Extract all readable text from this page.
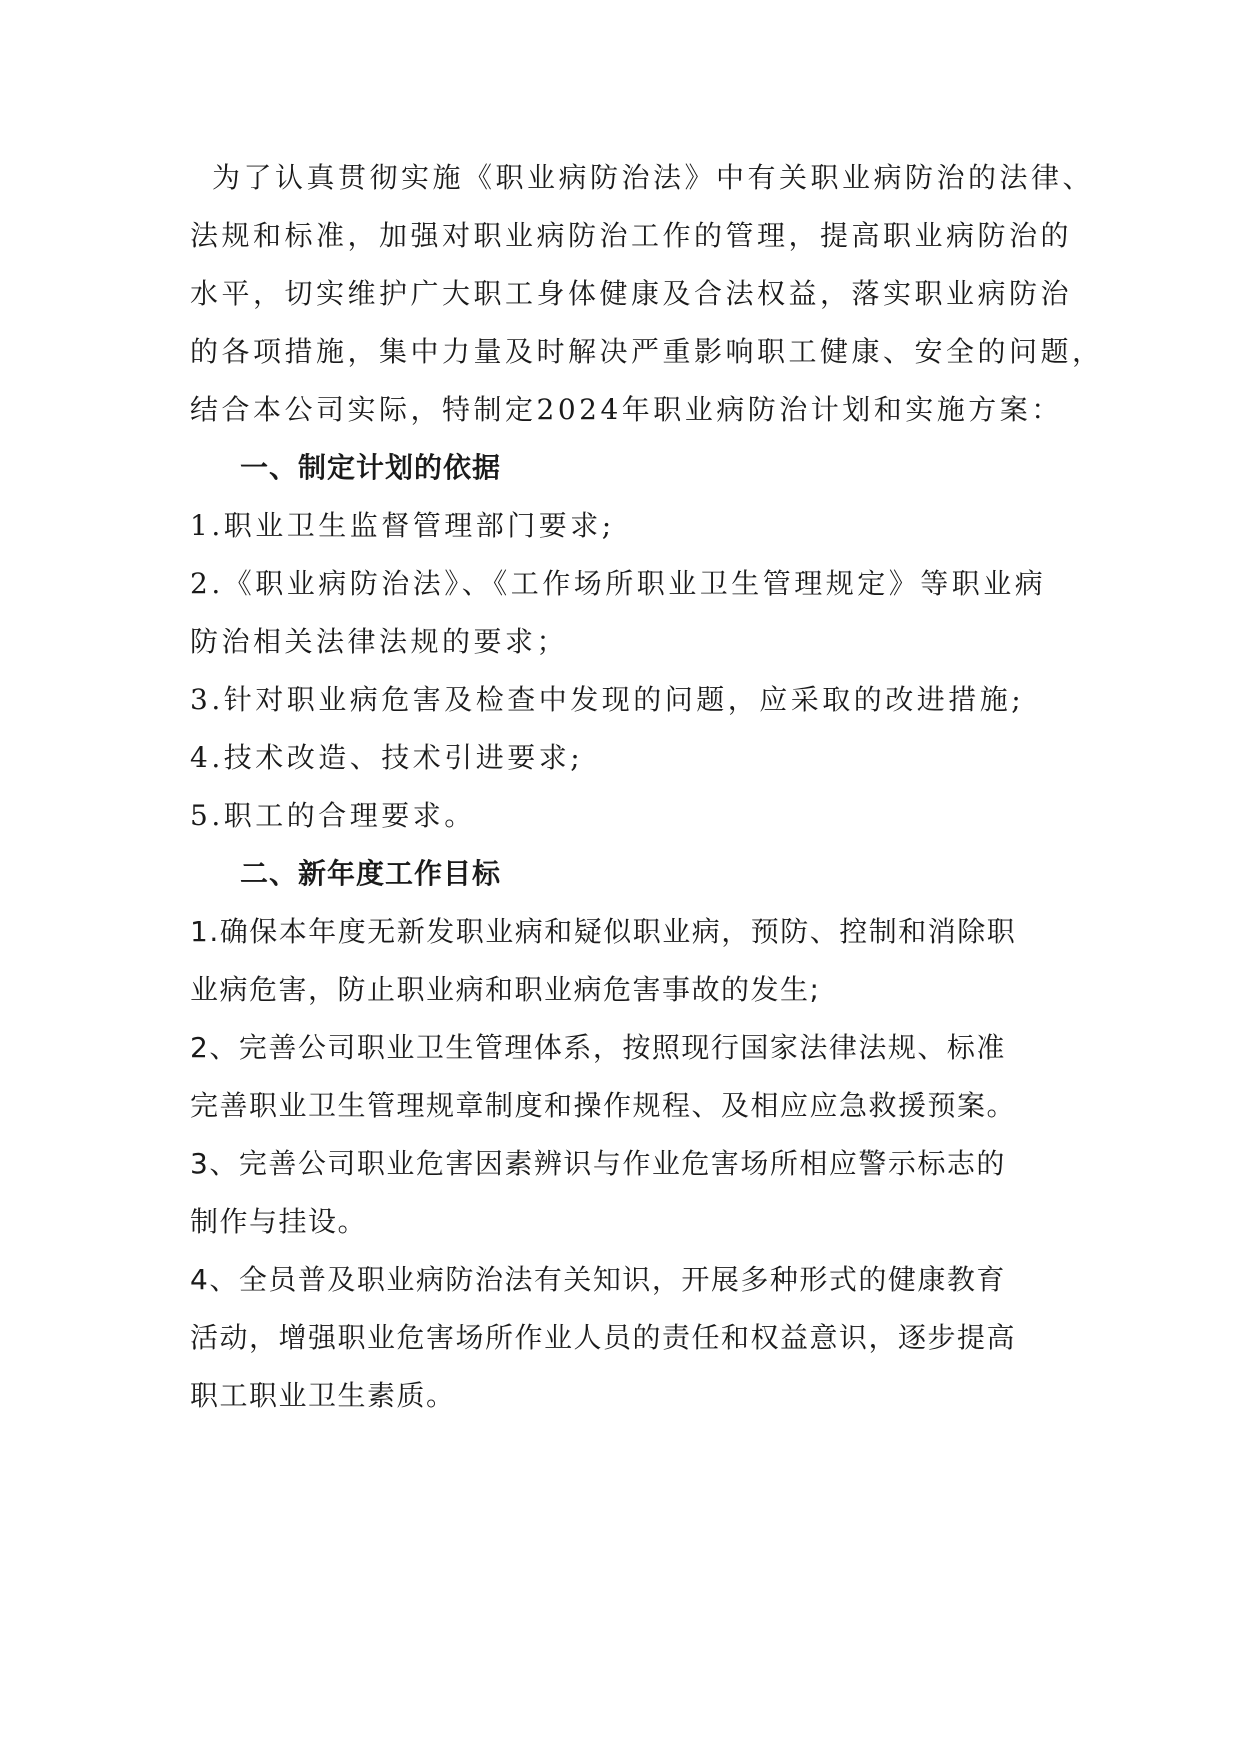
为了认真贯彻实施《职业病防治法》中有关职业病防治的法律、
法规和标准，加强对职业病防治工作的管理，提高职业病防治的
水平，切实维护广大职工身体健康及合法权益，落实职业病防治
的各项措施，集中力量及时解决严重影响职工健康、安全的问题，
结合本公司实际，特制定2024年职业病防治计划和实施方案：
一、制定计划的依据
1.职业卫生监督管理部门要求;
2.《职业病防治法》、《工作场所职业卫生管理规定》等职业病
防治相关法律法规的要求；
3.针对职业病危害及检查中发现的问题，应采取的改进措施;
4.技术改造、技术引进要求;
5.职工的合理要求。
二、新年度工作目标
1.确保本年度无新发职业病和疑似职业病，预防、控制和消除职
业病危害，防止职业病和职业病危害事故的发生;
2、完善公司职业卫生管理体系，按照现行国家法律法规、标准
完善职业卫生管理规章制度和操作规程、及相应应急救援预案。
3、完善公司职业危害因素辨识与作业危害场所相应警示标志的
制作与挂设。
4、全员普及职业病防治法有关知识，开展多种形式的健康教育
活动，增强职业危害场所作业人员的责任和权益意识，逐步提高
职工职业卫生素质。
